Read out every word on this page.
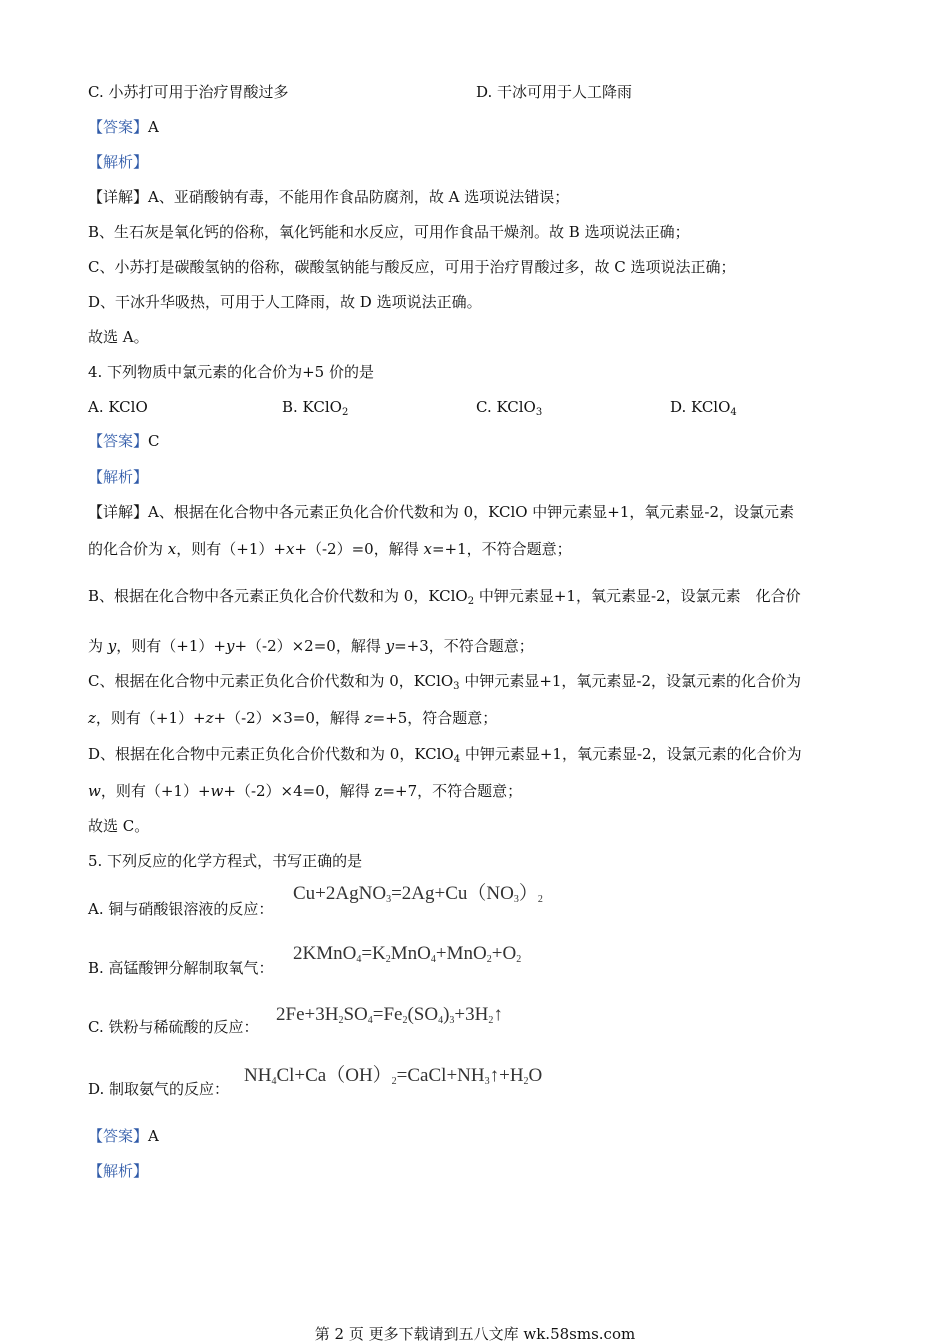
C. 小苏打可用于治疗胃酸过多	D. 干冰可用于人工降雨
【答案】A
【解析】
【详解】A、亚硝酸钠有毒，不能用作食品防腐剂，故 A 选项说法错误；
B、生石灰是氧化钙的俗称，氧化钙能和水反应，可用作食品干燥剂。故 B 选项说法正确；
C、小苏打是碳酸氢钠的俗称，碳酸氢钠能与酸反应，可用于治疗胃酸过多，故 C 选项说法正确；
D、干冰升华吸热，可用于人工降雨，故 D 选项说法正确。
故选 A。
4. 下列物质中氯元素的化合价为+5 价的是
A. KClO	B. KClO$_2$	C. KClO$_3$	D. KClO$_4$
【答案】C
【解析】
【详解】A、根据在化合物中各元素正负化合价代数和为 0，KClO 中钾元素显+1，氧元素显-2，设氯元素
的化合价为 x，则有（+1）+x+（-2）=0，解得 x=+1，不符合题意；
B、根据在化合物中各元素正负化合价代数和为 0，KClO$_2$ 中钾元素显+1，氧元素显-2，设氯元素　化合价
为 y，则有（+1）+y+（-2）×2=0，解得 y=+3，不符合题意；
C、根据在化合物中元素正负化合价代数和为 0，KClO$_3$ 中钾元素显+1，氧元素显-2，设氯元素的化合价为
z，则有（+1）+z+（-2）×3=0，解得 z=+5，符合题意；
D、根据在化合物中元素正负化合价代数和为 0，KClO$_4$ 中钾元素显+1，氧元素显-2，设氯元素的化合价为
w，则有（+1）+w+（-2）×4=0，解得 z=+7，不符合题意；
故选 C。
5. 下列反应的化学方程式，书写正确的是
A. 铜与硝酸银溶液的反应：
$Cu+2AgNO_3=2Ag+Cu(NO_3)_2$
B. 高锰酸钾分解制取氧气：
$2KMnO_4=K_2MnO_4+MnO_2+O_2$
C. 铁粉与稀硫酸的反应：
$2Fe+3H_2SO_4=Fe_2(SO_4)_3+3H_2↑$
D. 制取氨气的反应：
$NH_4Cl+Ca(OH)_2=CaCl+NH_3↑+H_2O$
【答案】A
【解析】
第 2 页 更多下载请到五八文库 wk.58sms.com
